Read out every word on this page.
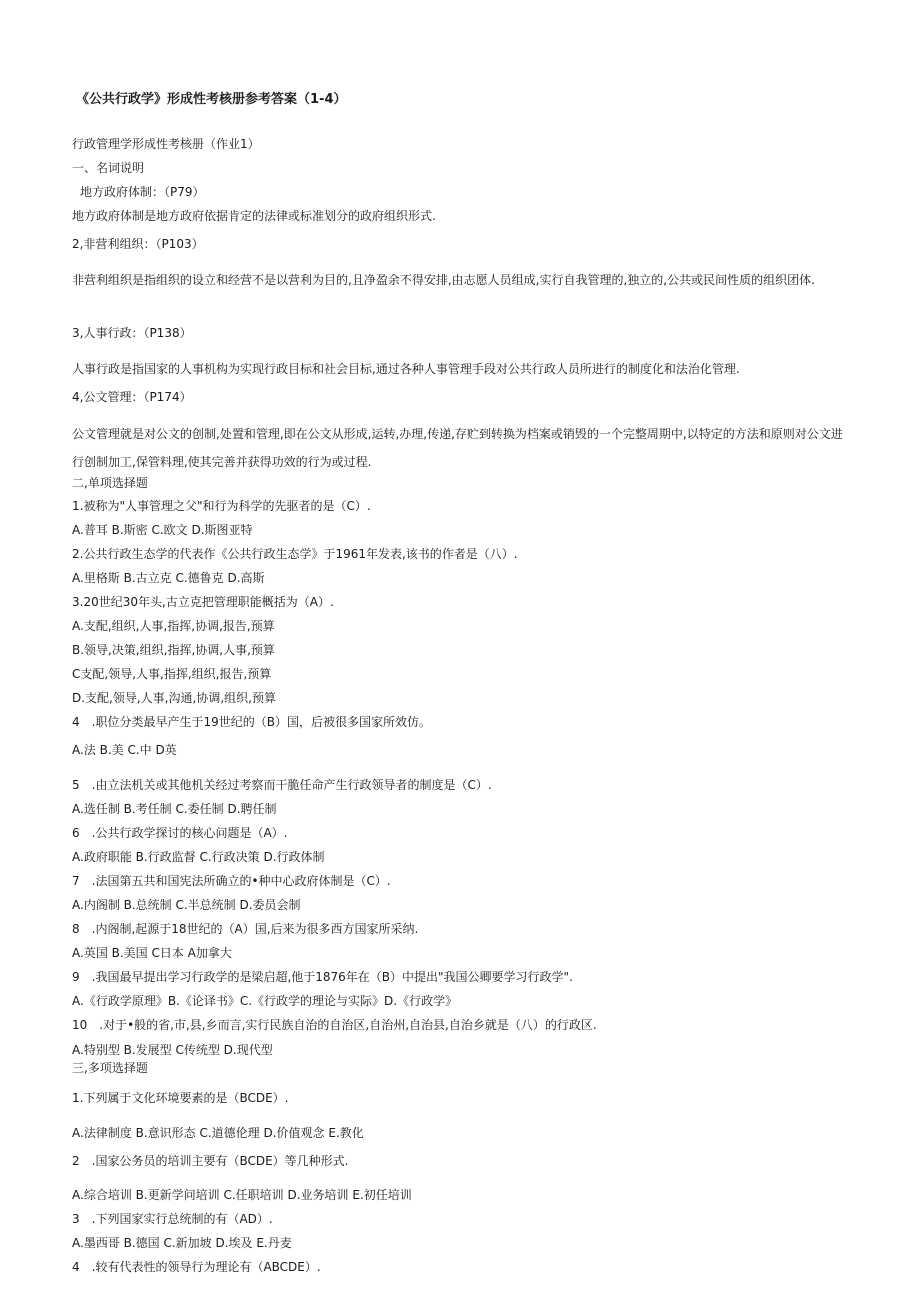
《公共行政学》形成性考核册参考答案（1-4）

行政管理学形成性考核册（作业1）

一、名词说明

地方政府体制：（P79）

地方政府体制是地方政府依据肯定的法律或标准划分的政府组织形式.

2,非营利组织：（P103）

非营利组织是指组织的设立和经营不是以营利为目的,且净盈余不得安排,由志愿人员组成,实行自我管理的,独立的,公共或民间性质的组织团体.

3,人事行政：（P138）

人事行政是指国家的人事机构为实现行政目标和社会目标,通过各种人事管理手段对公共行政人员所进行的制度化和法治化管理.

4,公文管理：（P174）

公文管理就是对公文的创制,处置和管理,即在公文从形成,运转,办理,传递,存贮到转换为档案或销毁的一个完整周期中,以特定的方法和原则对公文进行创制加工,保管料理,使其完善并获得功效的行为或过程.

二,单项选择题

1.被称为"人事管理之父"和行为科学的先驱者的是（C）.

A.普耳 B.斯密 C.欧文 D.斯图亚特

2.公共行政生态学的代表作《公共行政生态学》于1961年发表,该书的作者是（八）.

A.里格斯 B.古立克 C.德鲁克 D.高斯

3.20世纪30年头,古立克把管理职能概括为（A）.

A.支配,组织,人事,指挥,协调,报告,预算

B.领导,决策,组织,指挥,协调,人事,预算

C支配,领导,人事,指挥,组织,报告,预算

D.支配,领导,人事,沟通,协调,组织,预算

4　.职位分类最早产生于19世纪的（B）国，后被很多国家所效仿。

A.法 B.美 C.中 D英

5　.由立法机关或其他机关经过考察而干脆任命产生行政领导者的制度是（C）.

A.选任制 B.考任制 C.委任制 D.聘任制

6　.公共行政学探讨的核心问题是（A）.

A.政府职能 B.行政监督 C.行政决策 D.行政体制

7　.法国第五共和国宪法所确立的•种中心政府体制是（C）.

A.内阁制 B.总统制 C.半总统制 D.委员会制

8　.内阁制,起源于18世纪的（A）国,后来为很多西方国家所采纳.

A.英国 B.美国 C日本 A加拿大

9　.我国最早提出学习行政学的是梁启超,他于1876年在（B）中提出"我国公卿要学习行政学".

A.《行政学原理》B.《论译书》C.《行政学的理论与实际》D.《行政学》

10　.对于•般的省,市,县,乡而言,实行民族自治的自治区,自治州,自治县,自治乡就是（八）的行政区.

A.特别型 B.发展型 C传统型 D.现代型

三,多项选择题

1.下列属于文化环境要素的是（BCDE）.

A.法律制度 B.意识形态 C.道德伦理 D.价值观念 E.教化

2　.国家公务员的培训主要有（BCDE）等几种形式.

A.综合培训 B.更新学问培训 C.任职培训 D.业务培训 E.初任培训

3　.下列国家实行总统制的有（AD）.

A.墨西哥 B.德国 C.新加坡 D.埃及 E.丹麦

4　.较有代表性的领导行为理论有（ABCDE）.
